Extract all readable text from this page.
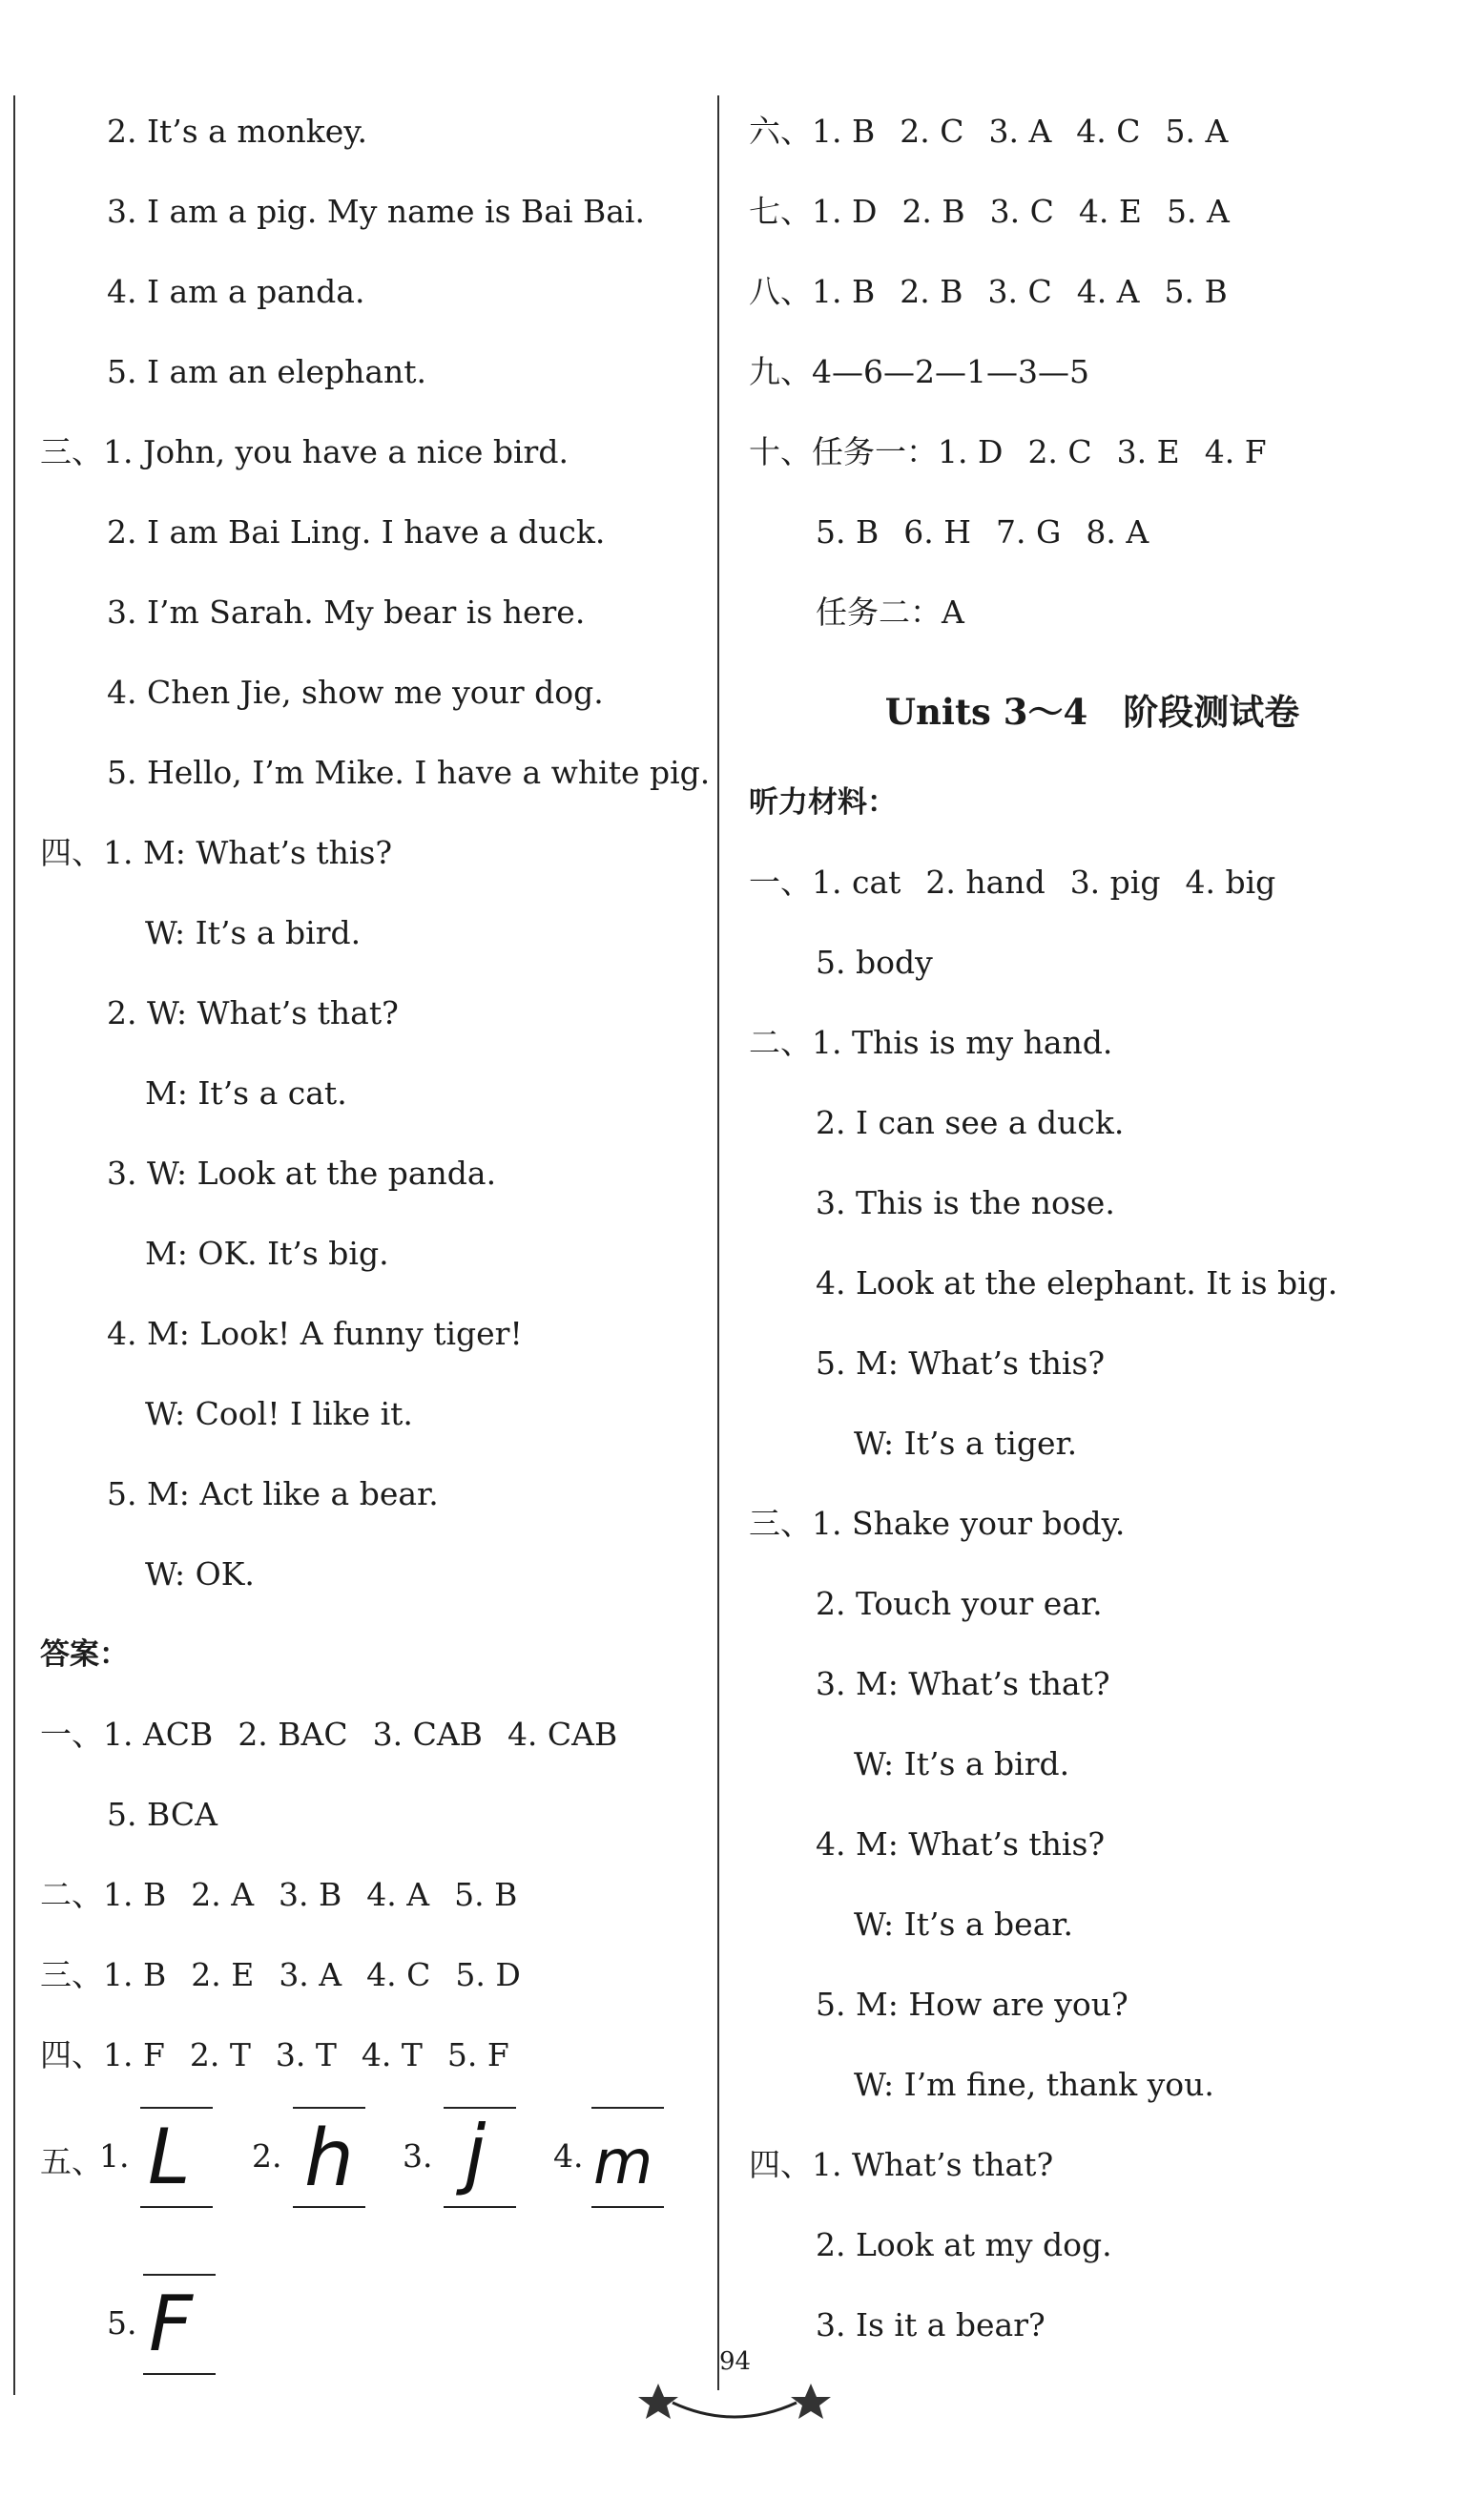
2. It’s a monkey.
3. I am a pig. My name is Bai Bai.
4. I am a panda.
5. I am an elephant.
三、1. John, you have a nice bird.
2. I am Bai Ling. I have a duck.
3. I’m Sarah. My bear is here.
4. Chen Jie, show me your dog.
5. Hello, I’m Mike. I have a white pig.
四、1. M: What’s this?
W: It’s a bird.
2. W: What’s that?
M: It’s a cat.
3. W: Look at the panda.
M: OK. It’s big.
4. M: Look! A funny tiger!
W: Cool! I like it.
5. M: Act like a bear.
W: OK.
答案：
一、1. ACB 2. BAC 3. CAB 4. CAB
5. BCA
二、1. B 2. A 3. B 4. A 5. B
三、1. B 2. E 3. A 4. C 5. D
四、1. F 2. T 3. T 4. T 5. F
五、
1. L 2. h 3. j 4. m
5. F
六、1. B 2. C 3. A 4. C 5. A
七、1. D 2. B 3. C 4. E 5. A
八、1. B 2. B 3. C 4. A 5. B
九、4—6—2—1—3—5
十、任务一：1. D 2. C 3. E 4. F
5. B 6. H 7. G 8. A
任务二：A
Units 3～4　阶段测试卷
听力材料：
一、1. cat 2. hand 3. pig 4. big
5. body
二、1. This is my hand.
2. I can see a duck.
3. This is the nose.
4. Look at the elephant. It is big.
5. M: What’s this?
W: It’s a tiger.
三、1. Shake your body.
2. Touch your ear.
3. M: What’s that?
W: It’s a bird.
4. M: What’s this?
W: It’s a bear.
5. M: How are you?
W: I’m fine, thank you.
四、1. What’s that?
2. Look at my dog.
3. Is it a bear?
94
